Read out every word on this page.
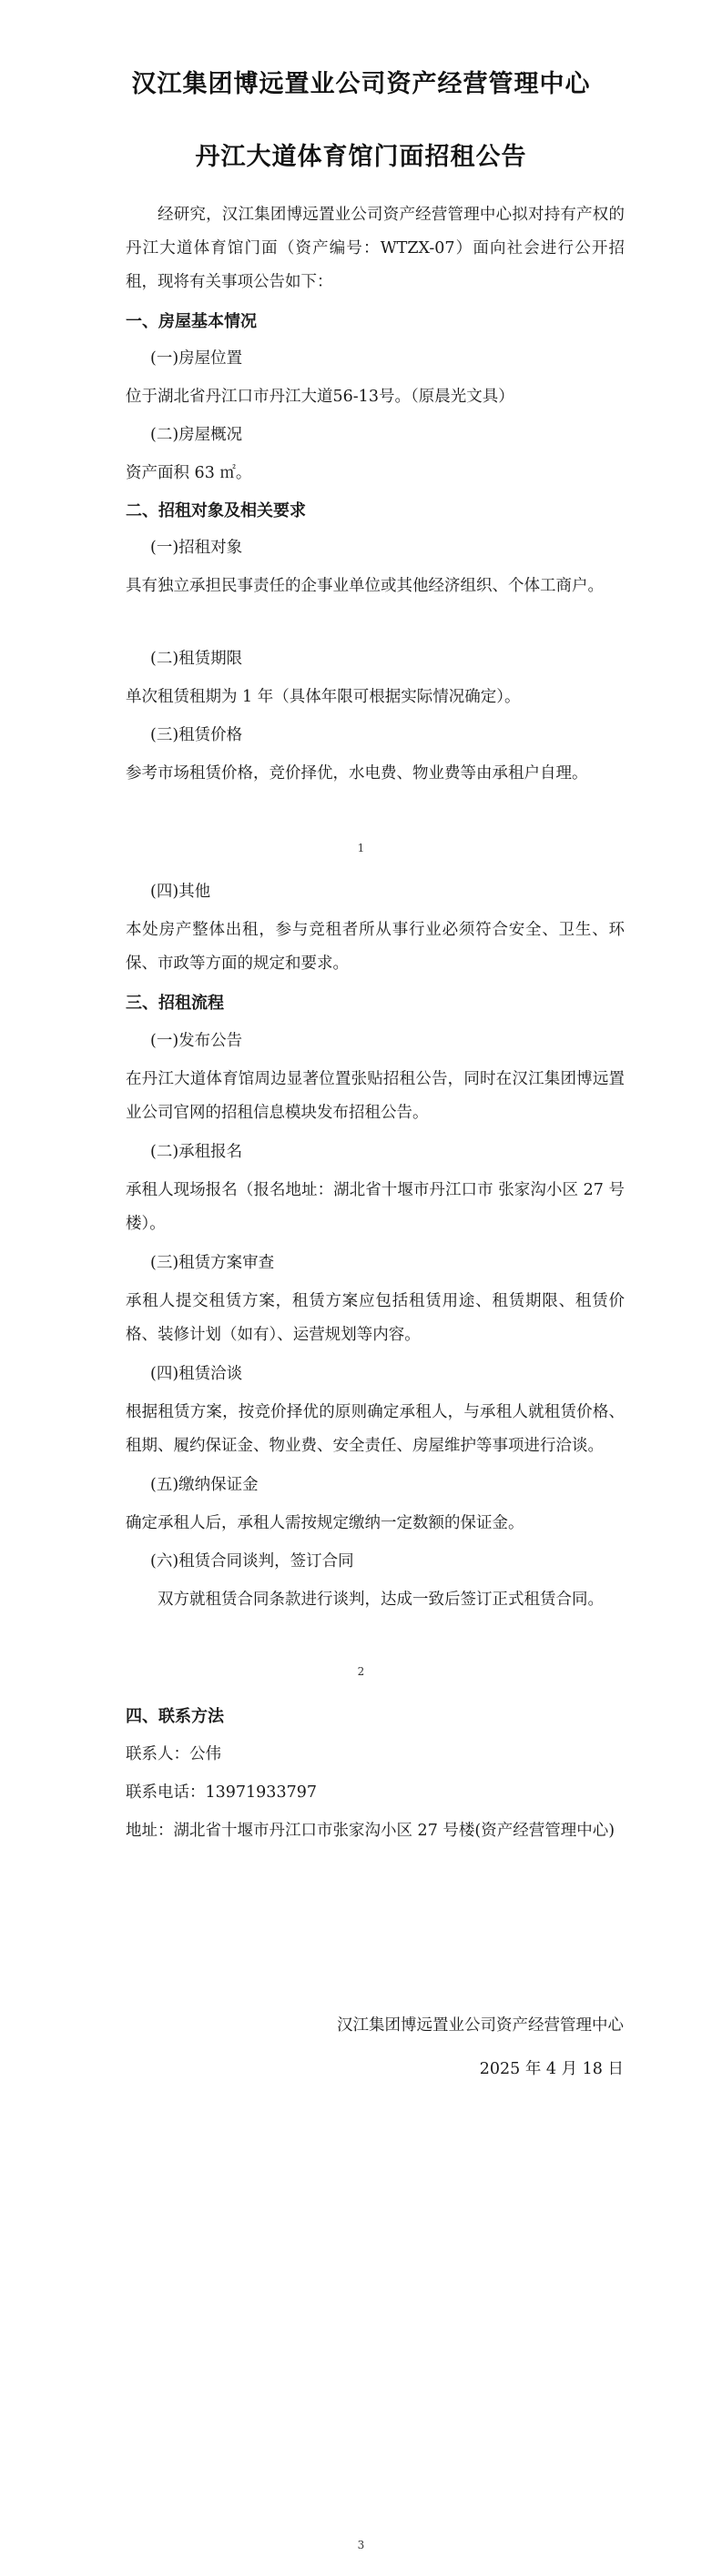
汉江集团博远置业公司资产经营管理中心
丹江大道体育馆门面招租公告
经研究，汉江集团博远置业公司资产经营管理中心拟对持有产权的丹江大道体育馆门面（资产编号：WTZX-07）面向社会进行公开招租，现将有关事项公告如下：
一、房屋基本情况
(一)房屋位置
位于湖北省丹江口市丹江大道56-13号。（原晨光文具）
(二)房屋概况
资产面积 63 ㎡。
二、招租对象及相关要求
(一)招租对象
具有独立承担民事责任的企事业单位或其他经济组织、个体工商户。
(二)租赁期限
单次租赁租期为 1 年（具体年限可根据实际情况确定）。
(三)租赁价格
参考市场租赁价格，竞价择优，水电费、物业费等由承租户自理。
1
(四)其他
本处房产整体出租，参与竞租者所从事行业必须符合安全、卫生、环保、市政等方面的规定和要求。
三、招租流程
(一)发布公告
在丹江大道体育馆周边显著位置张贴招租公告，同时在汉江集团博远置业公司官网的招租信息模块发布招租公告。
(二)承租报名
承租人现场报名（报名地址：湖北省十堰市丹江口市 张家沟小区 27 号楼）。
(三)租赁方案审查
承租人提交租赁方案，租赁方案应包括租赁用途、租赁期限、租赁价格、装修计划（如有）、运营规划等内容。
(四)租赁洽谈
根据租赁方案，按竞价择优的原则确定承租人，与承租人就租赁价格、租期、履约保证金、物业费、安全责任、房屋维护等事项进行洽谈。
(五)缴纳保证金
确定承租人后，承租人需按规定缴纳一定数额的保证金。
(六)租赁合同谈判，签订合同
双方就租赁合同条款进行谈判，达成一致后签订正式租赁合同。
2
四、联系方法
联系人：公伟
联系电话：13971933797
地址：湖北省十堰市丹江口市张家沟小区 27 号楼(资产经营管理中心)
汉江集团博远置业公司资产经营管理中心
2025 年 4 月 18 日
3
